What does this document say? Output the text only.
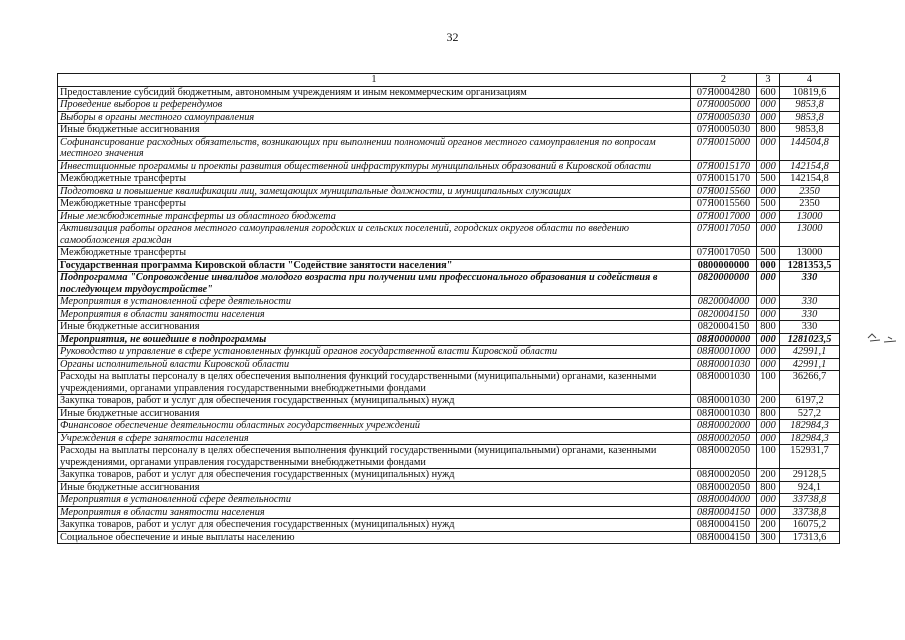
32
1	2	3	4
Предоставление субсидий бюджетным, автономным учреждениям и иным некоммерческим организациям	07Я0004280	600	10819,6
Проведение выборов и референдумов	07Я0005000	000	9853,8
Выборы в органы местного самоуправления	07Я0005030	000	9853,8
Иные бюджетные ассигнования	07Я0005030	800	9853,8
Софинансирование расходных обязательств, возникающих при выполнении полномочий органов местного самоуправления по вопросам местного значения	07Я0015000	000	144504,8
Инвестиционные программы и проекты развития общественной инфраструктуры муниципальных образований в Кировской области	07Я0015170	000	142154,8
Межбюджетные трансферты	07Я0015170	500	142154,8
Подготовка и повышение квалификации лиц, замещающих муниципальные должности, и муниципальных служащих	07Я0015560	000	2350
Межбюджетные трансферты	07Я0015560	500	2350
Иные межбюджетные трансферты из областного бюджета	07Я0017000	000	13000
Активизация работы органов местного самоуправления городских и сельских поселений, городских округов области по введению самообложения граждан	07Я0017050	000	13000
Межбюджетные трансферты	07Я0017050	500	13000
Государственная программа Кировской области "Содействие занятости населения"	0800000000	000	1281353,5
Подпрограмма "Сопровождение инвалидов молодого возраста при получении ими профессионального образования и содействия в последующем трудоустройстве"	0820000000	000	330
Мероприятия в установленной сфере деятельности	0820004000	000	330
Мероприятия в области занятости населения	0820004150	000	330
Иные бюджетные ассигнования	0820004150	800	330
Мероприятия, не вошедшие в подпрограммы	08Я0000000	000	1281023,5
Руководство и управление в сфере установленных функций органов государственной власти Кировской области	08Я0001000	000	42991,1
Органы исполнительной власти Кировской области	08Я0001030	000	42991,1
Расходы на выплаты персоналу в целях обеспечения выполнения функций государственными (муниципальными) органами, казенными учреждениями, органами управления государственными внебюджетными фондами	08Я0001030	100	36266,7
Закупка товаров, работ и услуг для обеспечения государственных (муниципальных) нужд	08Я0001030	200	6197,2
Иные бюджетные ассигнования	08Я0001030	800	527,2
Финансовое обеспечение деятельности областных государственных учреждений	08Я0002000	000	182984,3
Учреждения в сфере занятости населения	08Я0002050	000	182984,3
Расходы на выплаты персоналу в целях обеспечения выполнения функций государственными (муниципальными) органами, казенными учреждениями, органами управления государственными внебюджетными фондами	08Я0002050	100	152931,7
Закупка товаров, работ и услуг для обеспечения государственных (муниципальных) нужд	08Я0002050	200	29128,5
Иные бюджетные ассигнования	08Я0002050	800	924,1
Мероприятия в установленной сфере деятельности	08Я0004000	000	33738,8
Мероприятия в области занятости населения	08Я0004150	000	33738,8
Закупка товаров, работ и услуг для обеспечения государственных (муниципальных) нужд	08Я0004150	200	16075,2
Социальное обеспечение и иные выплаты населению	08Я0004150	300	17313,6
